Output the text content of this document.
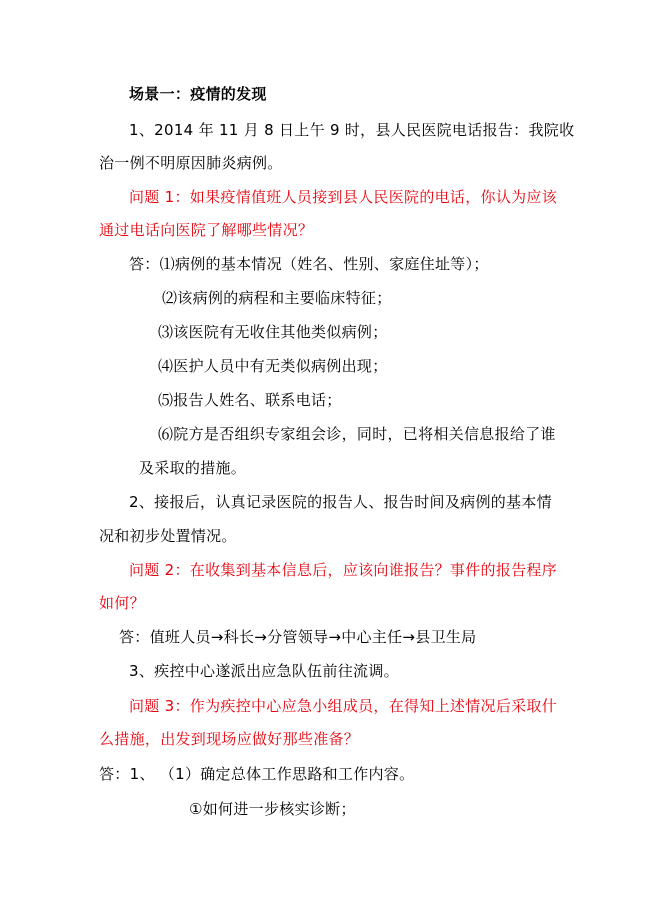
场景一：疫情的发现
1、2014 年 11 月 8 日上午 9 时，县人民医院电话报告：我院收
治一例不明原因肺炎病例。
问题 1：如果疫情值班人员接到县人民医院的电话，你认为应该
通过电话向医院了解哪些情况？
答：⑴病例的基本情况（姓名、性别、家庭住址等）；
⑵该病例的病程和主要临床特征；
⑶该医院有无收住其他类似病例；
⑷医护人员中有无类似病例出现；
⑸报告人姓名、联系电话；
⑹院方是否组织专家组会诊，同时，已将相关信息报给了谁
及采取的措施。
2、接报后，认真记录医院的报告人、报告时间及病例的基本情
况和初步处置情况。
问题 2：在收集到基本信息后，应该向谁报告？事件的报告程序
如何？
答：值班人员→科长→分管领导→中心主任→县卫生局
3、疾控中心遂派出应急队伍前往流调。
问题 3：作为疾控中心应急小组成员，在得知上述情况后采取什
么措施，出发到现场应做好那些准备？
答：1、 （1）确定总体工作思路和工作内容。
①如何进一步核实诊断；
